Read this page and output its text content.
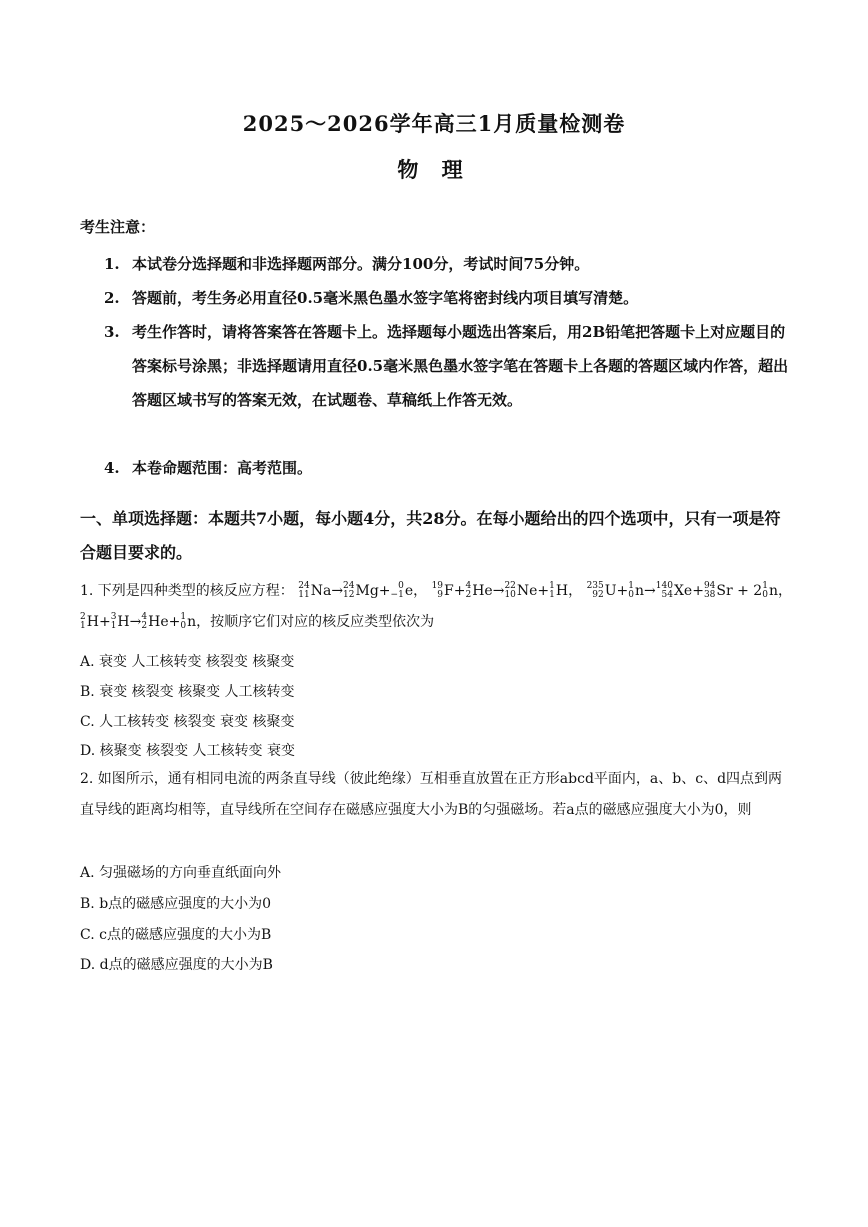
2025～2026学年高三1月质量检测卷
物 理
考生注意：
1. 本试卷分选择题和非选择题两部分。满分100分，考试时间75分钟。
2. 答题前，考生务必用直径0.5毫米黑色墨水签字笔将密封线内项目填写清楚。
3. 考生作答时，请将答案答在答题卡上。选择题每小题选出答案后，用2B铅笔把答题卡上对应题目的答案标号涂黑；非选择题请用直径0.5毫米黑色墨水签字笔在答题卡上各题的答题区域内作答，超出答题区域书写的答案无效，在试题卷、草稿纸上作答无效。
4. 本卷命题范围：高考范围。
一、单项选择题：本题共7小题，每小题4分，共28分。在每小题给出的四个选项中，只有一项是符合题目要求的。
1. 下列是四种类型的核反应方程： 24
11 Na→ 24
12 Mg+ 0
−1 e， 19
9 F+ 4
2 He→ 22
10 Ne+ 1
1 H， 235
92 U+ 1
0 n→ 140
54 Xe+ 94
38 Sr + 2 1
0 n，
2
1 H+ 3
1 H→ 4
2 He+ 1
0 n，按顺序它们对应的核反应类型依次为
A. 衰变 人工核转变 核裂变 核聚变
B. 衰变 核裂变 核聚变 人工核转变
C. 人工核转变 核裂变 衰变 核聚变
D. 核聚变 核裂变 人工核转变 衰变
2. 如图所示，通有相同电流的两条直导线（彼此绝缘）互相垂直放置在正方形abcd平面内，a、b、c、d四点到两直导线的距离均相等，直导线所在空间存在磁感应强度大小为B的匀强磁场。若a点的磁感应强度大小为0，则
A. 匀强磁场的方向垂直纸面向外
B. b点的磁感应强度的大小为0
C. c点的磁感应强度的大小为B
D. d点的磁感应强度的大小为B
